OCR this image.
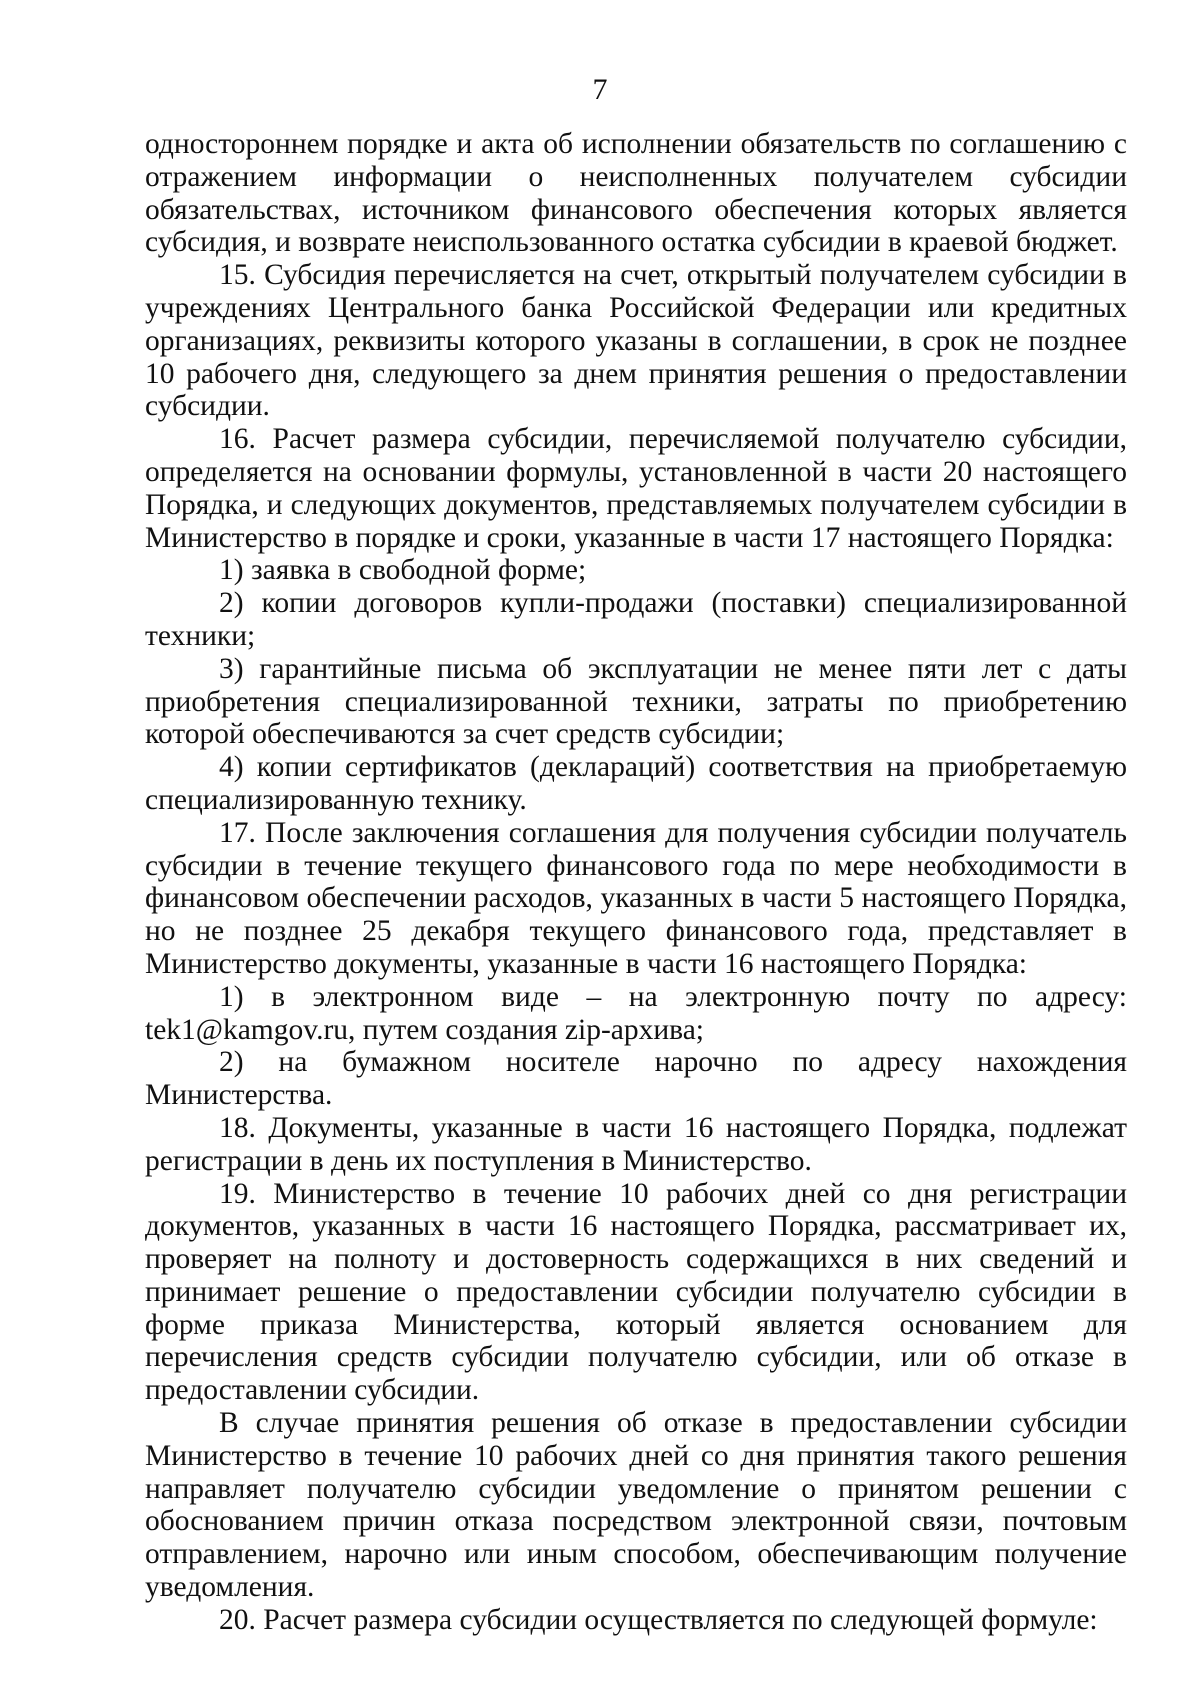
7

одностороннем порядке и акта об исполнении обязательств по соглашению с отражением информации о неисполненных получателем субсидии обязательствах, источником финансового обеспечения которых является субсидия, и возврате неиспользованного остатка субсидии в краевой бюджет.

15. Субсидия перечисляется на счет, открытый получателем субсидии в учреждениях Центрального банка Российской Федерации или кредитных организациях, реквизиты которого указаны в соглашении, в срок не позднее 10 рабочего дня, следующего за днем принятия решения о предоставлении субсидии.

16. Расчет размера субсидии, перечисляемой получателю субсидии, определяется на основании формулы, установленной в части 20 настоящего Порядка, и следующих документов, представляемых получателем субсидии в Министерство в порядке и сроки, указанные в части 17 настоящего Порядка:

1) заявка в свободной форме;

2) копии договоров купли-продажи (поставки) специализированной техники;

3) гарантийные письма об эксплуатации не менее пяти лет с даты приобретения специализированной техники, затраты по приобретению которой обеспечиваются за счет средств субсидии;

4) копии сертификатов (деклараций) соответствия на приобретаемую специализированную технику.

17. После заключения соглашения для получения субсидии получатель субсидии в течение текущего финансового года по мере необходимости в финансовом обеспечении расходов, указанных в части 5 настоящего Порядка, но не позднее 25 декабря текущего финансового года, представляет в Министерство документы, указанные в части 16 настоящего Порядка:

1) в электронном виде – на электронную почту по адресу: tek1@kamgov.ru, путем создания zip-архива;

2) на бумажном носителе нарочно по адресу нахождения Министерства.

18. Документы, указанные в части 16 настоящего Порядка, подлежат регистрации в день их поступления в Министерство.

19. Министерство в течение 10 рабочих дней со дня регистрации документов, указанных в части 16 настоящего Порядка, рассматривает их, проверяет на полноту и достоверность содержащихся в них сведений и принимает решение о предоставлении субсидии получателю субсидии в форме приказа Министерства, который является основанием для перечисления средств субсидии получателю субсидии, или об отказе в предоставлении субсидии.

В случае принятия решения об отказе в предоставлении субсидии Министерство в течение 10 рабочих дней со дня принятия такого решения направляет получателю субсидии уведомление о принятом решении с обоснованием причин отказа посредством электронной связи, почтовым отправлением, нарочно или иным способом, обеспечивающим получение уведомления.

20. Расчет размера субсидии осуществляется по следующей формуле:
